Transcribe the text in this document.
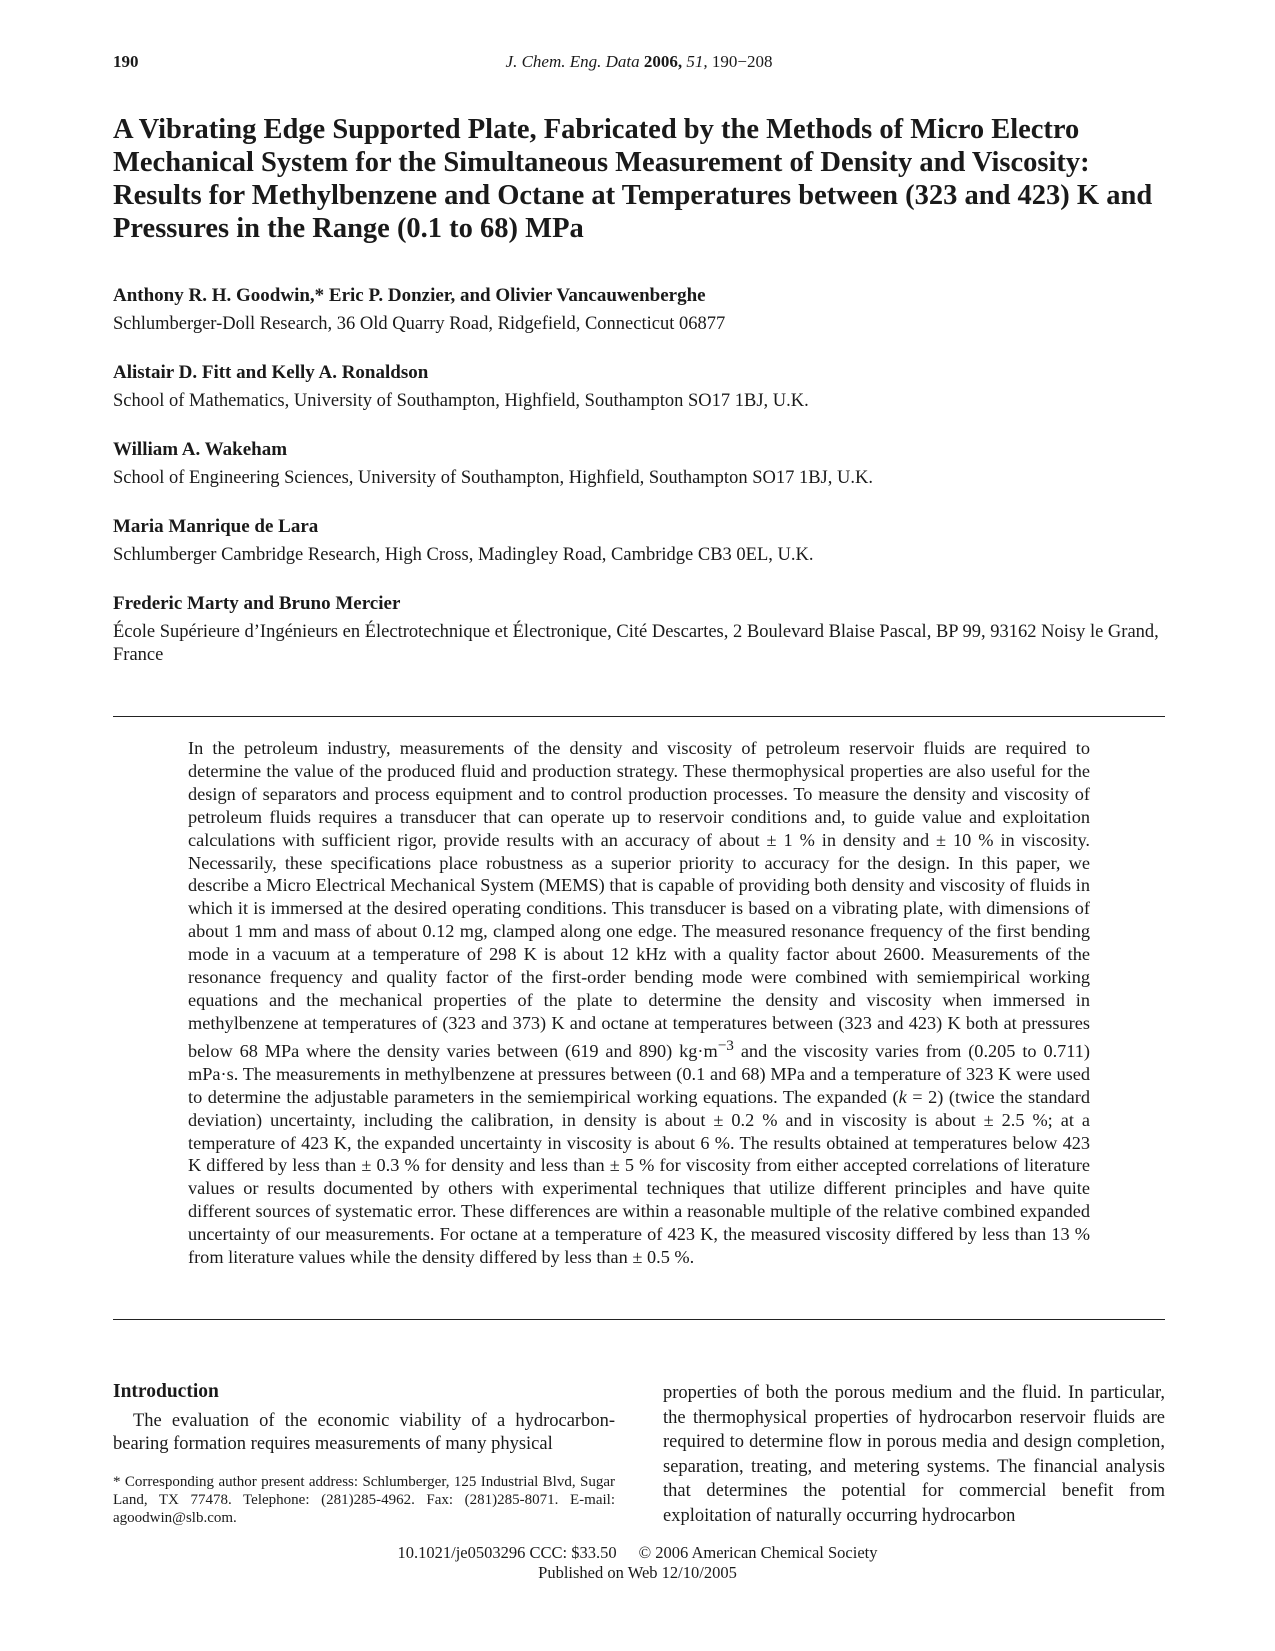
190	J. Chem. Eng. Data 2006, 51, 190−208
A Vibrating Edge Supported Plate, Fabricated by the Methods of Micro Electro Mechanical System for the Simultaneous Measurement of Density and Viscosity: Results for Methylbenzene and Octane at Temperatures between (323 and 423) K and Pressures in the Range (0.1 to 68) MPa
Anthony R. H. Goodwin,* Eric P. Donzier, and Olivier Vancauwenberghe
Schlumberger-Doll Research, 36 Old Quarry Road, Ridgefield, Connecticut 06877
Alistair D. Fitt and Kelly A. Ronaldson
School of Mathematics, University of Southampton, Highfield, Southampton SO17 1BJ, U.K.
William A. Wakeham
School of Engineering Sciences, University of Southampton, Highfield, Southampton SO17 1BJ, U.K.
Maria Manrique de Lara
Schlumberger Cambridge Research, High Cross, Madingley Road, Cambridge CB3 0EL, U.K.
Frederic Marty and Bruno Mercier
École Supérieure d’Ingénieurs en Électrotechnique et Électronique, Cité Descartes, 2 Boulevard Blaise Pascal, BP 99, 93162 Noisy le Grand, France

In the petroleum industry, measurements of the density and viscosity of petroleum reservoir fluids are required to determine the value of the produced fluid and production strategy. These thermophysical properties are also useful for the design of separators and process equipment and to control production processes. To measure the density and viscosity of petroleum fluids requires a transducer that can operate up to reservoir conditions and, to guide value and exploitation calculations with sufficient rigor, provide results with an accuracy of about ± 1 % in density and ± 10 % in viscosity. Necessarily, these specifications place robustness as a superior priority to accuracy for the design. In this paper, we describe a Micro Electrical Mechanical System (MEMS) that is capable of providing both density and viscosity of fluids in which it is immersed at the desired operating conditions. This transducer is based on a vibrating plate, with dimensions of about 1 mm and mass of about 0.12 mg, clamped along one edge. The measured resonance frequency of the first bending mode in a vacuum at a temperature of 298 K is about 12 kHz with a quality factor about 2600. Measurements of the resonance frequency and quality factor of the first-order bending mode were combined with semiempirical working equations and the mechanical properties of the plate to determine the density and viscosity when immersed in methylbenzene at temperatures of (323 and 373) K and octane at temperatures between (323 and 423) K both at pressures below 68 MPa where the density varies between (619 and 890) $kg\cdot m^{-3}$ and the viscosity varies from (0.205 to 0.711) mPa·s. The measurements in methylbenzene at pressures between (0.1 and 68) MPa and a temperature of 323 K were used to determine the adjustable parameters in the semiempirical working equations. The expanded (k = 2) (twice the standard deviation) uncertainty, including the calibration, in density is about ± 0.2 % and in viscosity is about ± 2.5 %; at a temperature of 423 K, the expanded uncertainty in viscosity is about 6 %. The results obtained at temperatures below 423 K differed by less than ± 0.3 % for density and less than ± 5 % for viscosity from either accepted correlations of literature values or results documented by others with experimental techniques that utilize different principles and have quite different sources of systematic error. These differences are within a reasonable multiple of the relative combined expanded uncertainty of our measurements. For octane at a temperature of 423 K, the measured viscosity differed by less than 13 % from literature values while the density differed by less than ± 0.5 %.

Introduction

The evaluation of the economic viability of a hydrocarbon-bearing formation requires measurements of many physical

* Corresponding author present address: Schlumberger, 125 Industrial Blvd, Sugar Land, TX 77478. Telephone: (281)285-4962. Fax: (281)285-8071. E-mail: agoodwin@slb.com.

properties of both the porous medium and the fluid. In particular, the thermophysical properties of hydrocarbon reservoir fluids are required to determine flow in porous media and design completion, separation, treating, and metering systems. The financial analysis that determines the potential for commercial benefit from exploitation of naturally occurring hydrocarbon

10.1021/je0503296 CCC: $33.50 © 2006 American Chemical Society
Published on Web 12/10/2005
